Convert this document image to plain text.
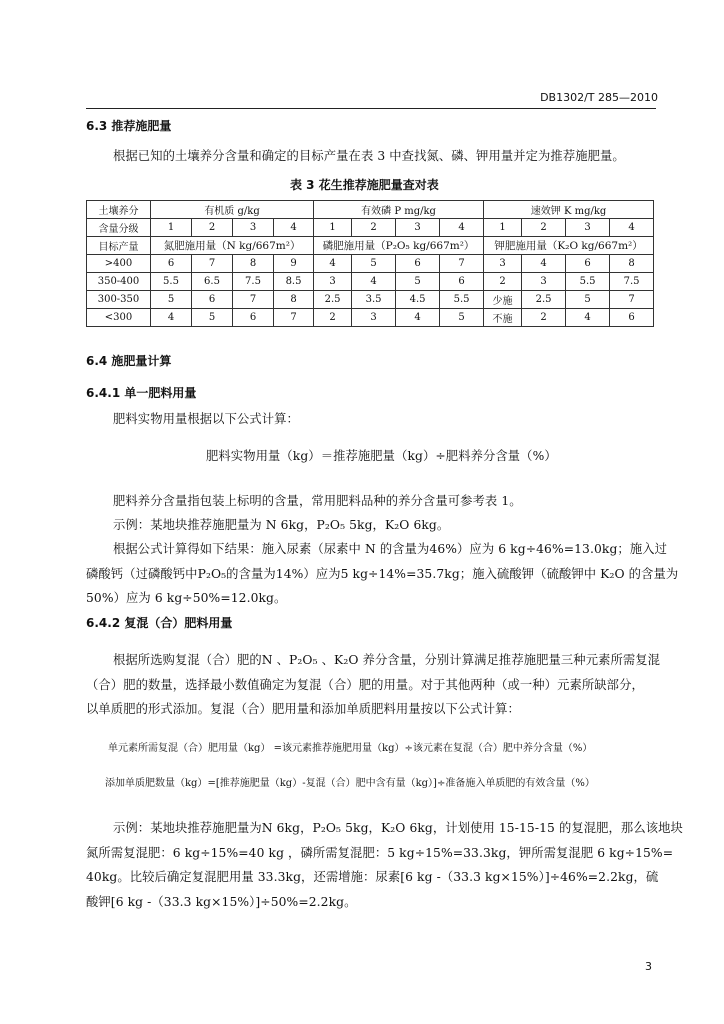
DB1302/T 285—2010
6.3 推荐施肥量
根据已知的土壤养分含量和确定的目标产量在表 3 中查找氮、磷、钾用量并定为推荐施肥量。
表 3 花生推荐施肥量查对表
土壤养分	有机质 g/kg				有效磷 P mg/kg				速效钾 K mg/kg			
含量分级	1	2	3	4	1	2	3	4	1	2	3	4
目标产量	氮肥施用量（N kg/667m²）				磷肥施用量（P₂O₅ kg/667m²）				钾肥施用量（K₂O kg/667m²）			
>400	6	7	8	9	4	5	6	7	3	4	6	8
350-400	5.5	6.5	7.5	8.5	3	4	5	6	2	3	5.5	7.5
300-350	5	6	7	8	2.5	3.5	4.5	5.5	少施	2.5	5	7
<300	4	5	6	7	2	3	4	5	不施	2	4	6
6.4 施肥量计算
6.4.1 单一肥料用量
肥料实物用量根据以下公式计算：
肥料实物用量（kg）＝推荐施肥量（kg）÷肥料养分含量（%）
肥料养分含量指包装上标明的含量，常用肥料品种的养分含量可参考表 1。
示例：某地块推荐施肥量为 N 6kg，P₂O₅ 5kg，K₂O 6kg。
根据公式计算得如下结果：施入尿素（尿素中 N 的含量为46%）应为 6 kg÷46%=13.0kg；施入过
磷酸钙（过磷酸钙中P₂O₅的含量为14%）应为5 kg÷14%=35.7kg；施入硫酸钾（硫酸钾中 K₂O 的含量为
50%）应为 6 kg÷50%=12.0kg。
6.4.2 复混（合）肥料用量
根据所选购复混（合）肥的N 、P₂O₅ 、K₂O 养分含量，分别计算满足推荐施肥量三种元素所需复混
（合）肥的数量，选择最小数值确定为复混（合）肥的用量。对于其他两种（或一种）元素所缺部分，
以单质肥的形式添加。复混（合）肥用量和添加单质肥料用量按以下公式计算：
单元素所需复混（合）肥用量（kg） =该元素推荐施肥用量（kg）÷该元素在复混（合）肥中养分含量（%）
添加单质肥数量（kg）=[推荐施肥量（kg）-复混（合）肥中含有量（kg）]÷准备施入单质肥的有效含量（%）
示例：某地块推荐施肥量为N 6kg，P₂O₅ 5kg，K₂O 6kg，计划使用 15-15-15 的复混肥，那么该地块
氮所需复混肥：6 kg÷15%=40 kg ，磷所需复混肥：5 kg÷15%=33.3kg，钾所需复混肥 6 kg÷15%=
40kg。比较后确定复混肥用量 33.3kg，还需增施：尿素[6 kg -（33.3 kg×15%）]÷46%=2.2kg，硫
酸钾[6 kg -（33.3 kg×15%）]÷50%=2.2kg。
3
